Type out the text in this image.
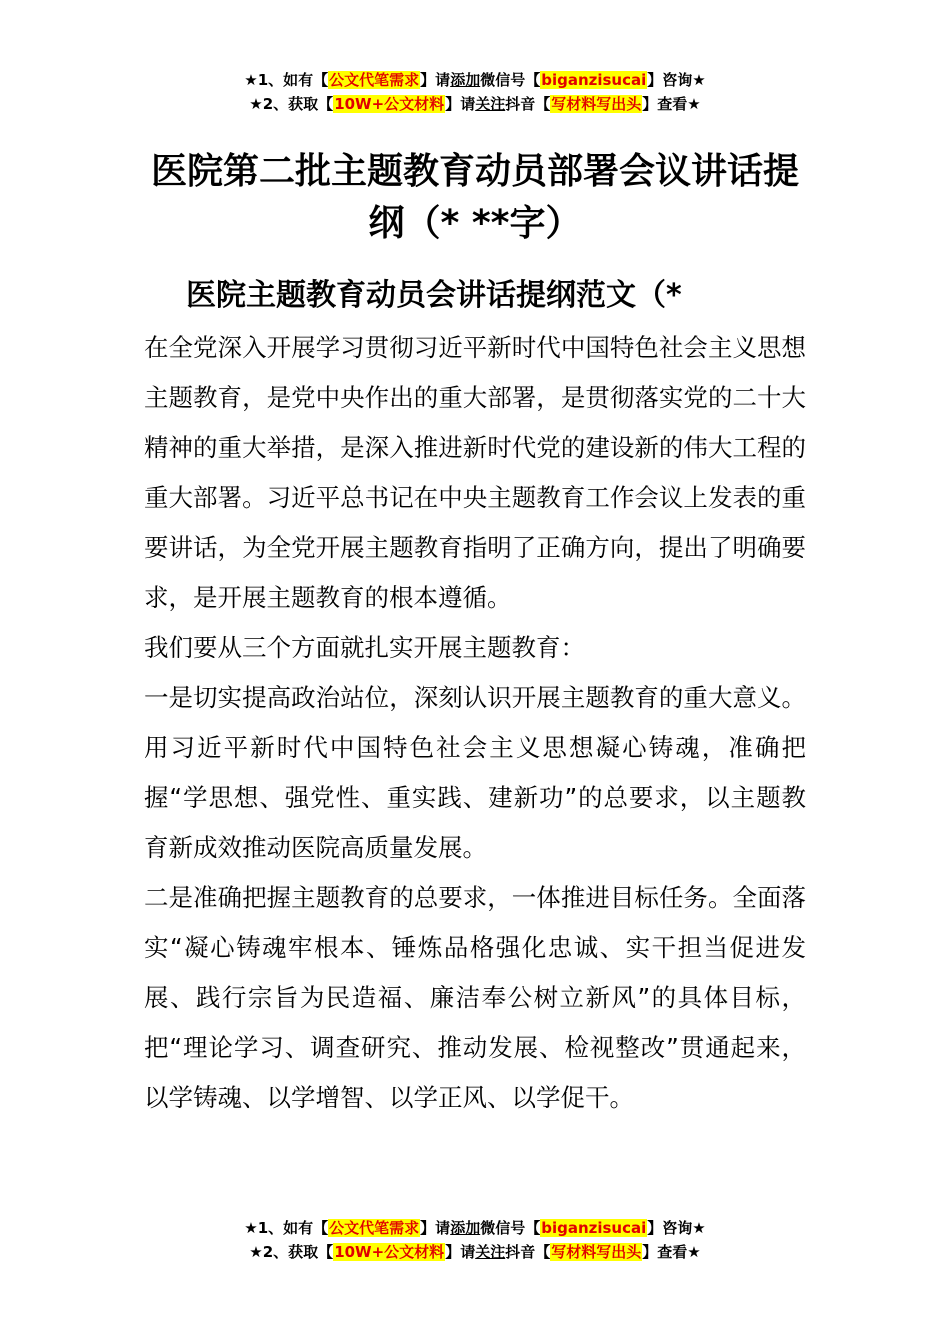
★1、如有【公文代笔需求】请添加微信号【biganzisucai】咨询★
★2、获取【10W+公文材料】请关注抖音【写材料写出头】查看★
医院第二批主题教育动员部署会议讲话提纲（* **字）
医院主题教育动员会讲话提纲范文（*

在全党深入开展学习贯彻习近平新时代中国特色社会主义思想主题教育，是党中央作出的重大部署，是贯彻落实党的二十大精神的重大举措，是深入推进新时代党的建设新的伟大工程的重大部署。习近平总书记在中央主题教育工作会议上发表的重要讲话，为全党开展主题教育指明了正确方向，提出了明确要求，是开展主题教育的根本遵循。

我们要从三个方面就扎实开展主题教育：

一是切实提高政治站位，深刻认识开展主题教育的重大意义。用习近平新时代中国特色社会主义思想凝心铸魂，准确把握“学思想、强党性、重实践、建新功”的总要求，以主题教育新成效推动医院高质量发展。

二是准确把握主题教育的总要求，一体推进目标任务。全面落实“凝心铸魂牢根本、锤炼品格强化忠诚、实干担当促进发展、践行宗旨为民造福、廉洁奉公树立新风”的具体目标，把“理论学习、调查研究、推动发展、检视整改”贯通起来，以学铸魂、以学增智、以学正风、以学促干。

★1、如有【公文代笔需求】请添加微信号【biganzisucai】咨询★
★2、获取【10W+公文材料】请关注抖音【写材料写出头】查看★
